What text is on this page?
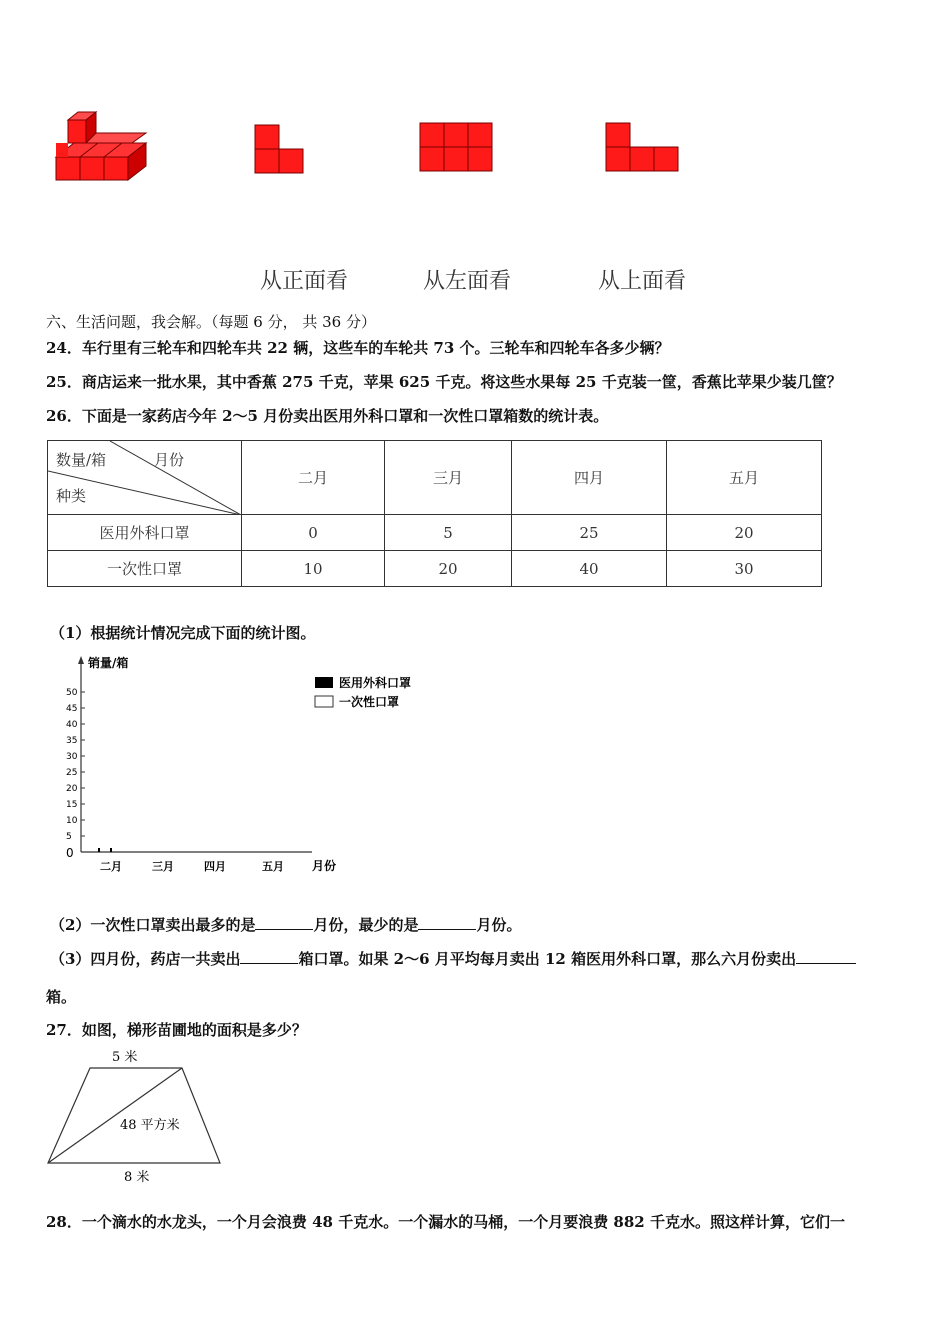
从正面看	从左面看	从上面看
六、生活问题，我会解。（每题 6 分， 共 36 分）
24．车行里有三轮车和四轮车共 22 辆，这些车的车轮共 73 个。三轮车和四轮车各多少辆？
25．商店运来一批水果，其中香蕉 275 千克，苹果 625 千克。将这些水果每 25 千克装一筐，香蕉比苹果少装几筐？
26．下面是一家药店今年 2～5 月份卖出医用外科口罩和一次性口罩箱数的统计表。
数量/箱 月份
种类	二月	三月	四月	五月
医用外科口罩	0	5	25	20
一次性口罩	10	20	40	30
（1）根据统计情况完成下面的统计图。
销量/箱
50
45
40
35
30
25
20
15
10
5
0
二月	三月	四月	五月 月份
医用外科口罩
一次性口罩
（2）一次性口罩卖出最多的是	月份，最少的是	月份。
（3）四月份，药店一共卖出	箱口罩。如果 2～6 月平均每月卖出 12 箱医用外科口罩，那么六月份卖出
箱。
27．如图，梯形苗圃地的面积是多少？
5 米
48 平方米
8 米
28．一个滴水的水龙头，一个月会浪费 48 千克水。一个漏水的马桶，一个月要浪费 882 千克水。照这样计算，它们一
